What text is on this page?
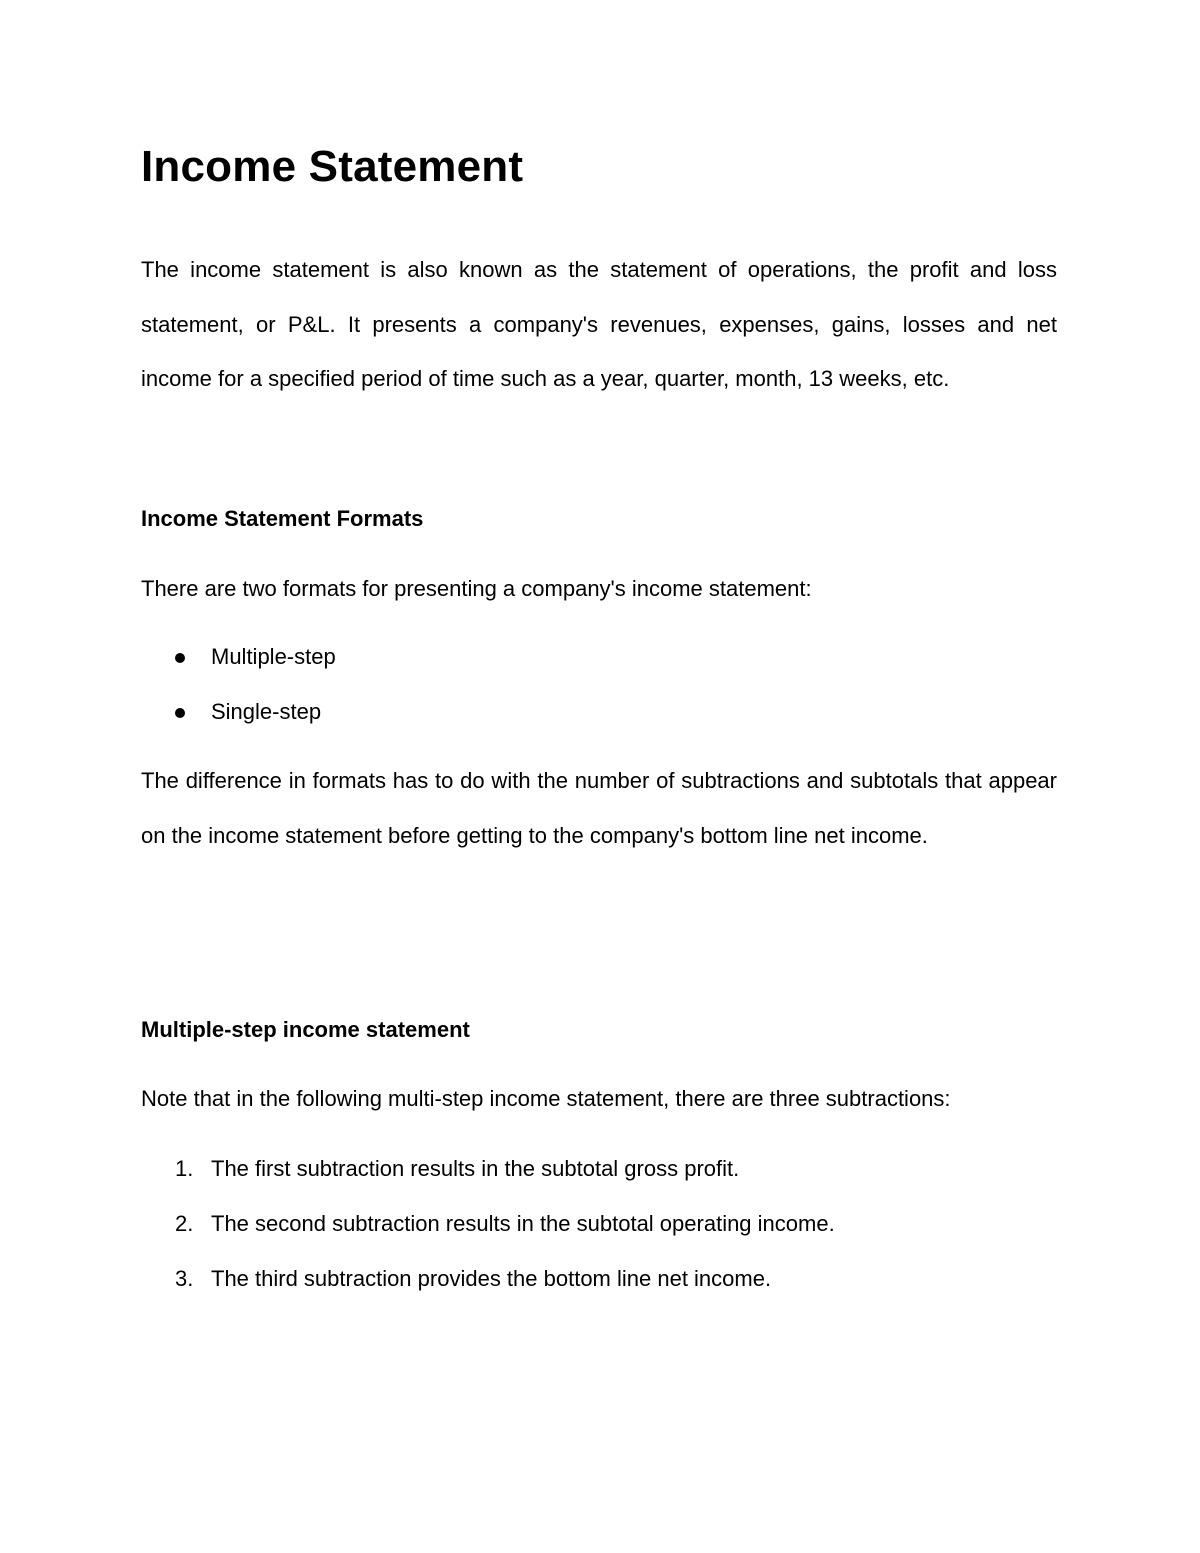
Income Statement

The income statement is also known as the statement of operations, the profit and loss statement, or P&L. It presents a company's revenues, expenses, gains, losses and net income for a specified period of time such as a year, quarter, month, 13 weeks, etc.

Income Statement Formats

There are two formats for presenting a company's income statement:

Multiple-step
Single-step

The difference in formats has to do with the number of subtractions and subtotals that appear on the income statement before getting to the company's bottom line net income.

Multiple-step income statement

Note that in the following multi-step income statement, there are three subtractions:

1. The first subtraction results in the subtotal gross profit.
2. The second subtraction results in the subtotal operating income.
3. The third subtraction provides the bottom line net income.
